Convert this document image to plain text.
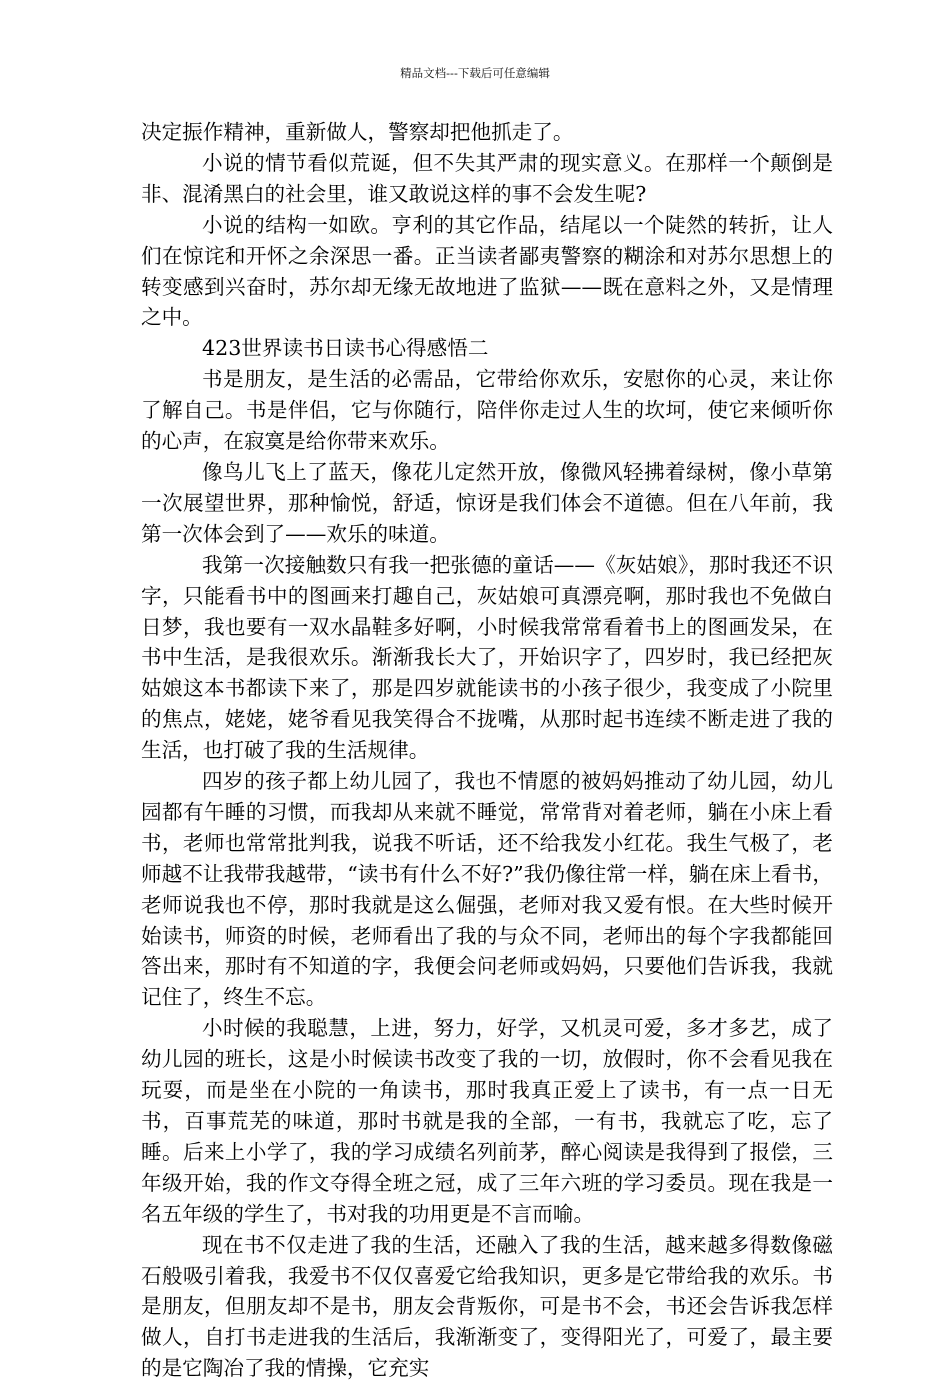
精品文档---下载后可任意编辑

决定振作精神，重新做人，警察却把他抓走了。

小说的情节看似荒诞，但不失其严肃的现实意义。在那样一个颠倒是非、混淆黑白的社会里，谁又敢说这样的事不会发生呢?

小说的结构一如欧。亨利的其它作品，结尾以一个陡然的转折，让人们在惊诧和开怀之余深思一番。正当读者鄙夷警察的糊涂和对苏尔思想上的转变感到兴奋时，苏尔却无缘无故地进了监狱——既在意料之外，又是情理之中。

423世界读书日读书心得感悟二

书是朋友，是生活的必需品，它带给你欢乐，安慰你的心灵，来让你了解自己。书是伴侣，它与你随行，陪伴你走过人生的坎坷，使它来倾听你的心声，在寂寞是给你带来欢乐。

像鸟儿飞上了蓝天，像花儿定然开放，像微风轻拂着绿树，像小草第一次展望世界，那种愉悦，舒适，惊讶是我们体会不道德。但在八年前，我第一次体会到了——欢乐的味道。

我第一次接触数只有我一把张德的童话——《灰姑娘》，那时我还不识字，只能看书中的图画来打趣自己，灰姑娘可真漂亮啊，那时我也不免做白日梦，我也要有一双水晶鞋多好啊，小时候我常常看着书上的图画发呆，在书中生活，是我很欢乐。渐渐我长大了，开始识字了，四岁时，我已经把灰姑娘这本书都读下来了，那是四岁就能读书的小孩子很少，我变成了小院里的焦点，姥姥，姥爷看见我笑得合不拢嘴，从那时起书连续不断走进了我的生活，也打破了我的生活规律。

四岁的孩子都上幼儿园了，我也不情愿的被妈妈推动了幼儿园，幼儿园都有午睡的习惯，而我却从来就不睡觉，常常背对着老师，躺在小床上看书，老师也常常批判我，说我不听话，还不给我发小红花。我生气极了，老师越不让我带我越带，“读书有什么不好?”我仍像往常一样，躺在床上看书，老师说我也不停，那时我就是这么倔强，老师对我又爱有恨。在大些时候开始读书，师资的时候，老师看出了我的与众不同，老师出的每个字我都能回答出来，那时有不知道的字，我便会问老师或妈妈，只要他们告诉我，我就记住了，终生不忘。

小时候的我聪慧，上进，努力，好学，又机灵可爱，多才多艺，成了幼儿园的班长，这是小时候读书改变了我的一切，放假时，你不会看见我在玩耍，而是坐在小院的一角读书，那时我真正爱上了读书，有一点一日无书，百事荒芜的味道，那时书就是我的全部，一有书，我就忘了吃，忘了睡。后来上小学了，我的学习成绩名列前茅，醉心阅读是我得到了报偿，三年级开始，我的作文夺得全班之冠，成了三年六班的学习委员。现在我是一名五年级的学生了，书对我的功用更是不言而喻。

现在书不仅走进了我的生活，还融入了我的生活，越来越多得数像磁石般吸引着我，我爱书不仅仅喜爱它给我知识，更多是它带给我的欢乐。书是朋友，但朋友却不是书，朋友会背叛你，可是书不会，书还会告诉我怎样做人，自打书走进我的生活后，我渐渐变了，变得阳光了，可爱了，最主要的是它陶冶了我的情操，它充实
